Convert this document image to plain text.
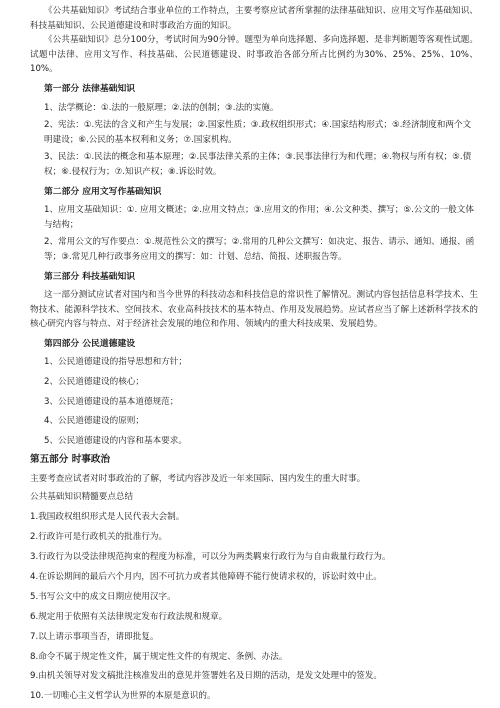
《公共基础知识》考试结合事业单位的工作特点，主要考察应试者所掌握的法律基础知识、应用文写作基础知识、科技基础知识、公民道德建设和时事政治方面的知识。

《公共基础知识》总分100分，考试时间为90分钟。题型为单向选择题、多向选择题、是非判断题等客观性试题。试题中法律、应用文写作、科技基础、公民道德建设、时事政治各部分所占比例约为30%、25%、25%、10%、10%。

第一部分 法律基础知识
1、法学概论：①.法的一般原理；②.法的创制；③.法的实施。
2、宪法：①.宪法的含义和产生与发展；②.国家性质；③.政权组织形式；④.国家结构形式；⑤.经济制度和两个文明建设；⑥.公民的基本权利和义务；⑦.国家机构。
3、民法：①.民法的概念和基本原理；②.民事法律关系的主体；③.民事法律行为和代理；④.物权与所有权；⑤.债权；⑥.侵权行为；⑦.知识产权；⑧.诉讼时效。
第二部分 应用文写作基础知识
1、应用文基础知识：①. 应用文概述；②.应用文特点；③.应用文的作用；④.公文种类、撰写；⑤.公文的一般文体与结构；
2、常用公文的写作要点：①.规范性公文的撰写；②.常用的几种公文撰写：如决定、报告、请示、通知、通报、函等；③.常见几种行政事务应用文的撰写：如：计划、总结、简报、述职报告等。
第三部分 科技基础知识

这一部分测试应试者对国内和当今世界的科技动态和科技信息的常识性了解情况。测试内容包括信息科学技术、生物技术、能源科学技术、空间技术、农业高科技技术的基本特点、作用及发展趋势。应试者应当了解上述新科学技术的核心研究内容与特点、对于经济社会发展的地位和作用、领域内的重大科技成果、发展趋势。

第四部分 公民道德建设
1、公民道德建设的指导思想和方针；
2、公民道德建设的核心；
3、公民道德建设的基本道德规范；
4、公民道德建设的原则；
5、公民道德建设的内容和基本要求。
第五部分 时事政治
主要考查应试者对时事政治的了解，考试内容涉及近一年来国际、国内发生的重大时事。
公共基础知识精髓要点总结
1.我国政权组织形式是人民代表大会制。
2.行政许可是行政机关的批准行为。
3.行政行为以受法律规范拘束的程度为标准，可以分为两类羁束行政行为与自由裁量行政行为。
4.在诉讼期间的最后六个月内，因不可抗力或者其他障碍不能行使请求权的，诉讼时效中止。
5.书写公文中的成文日期应使用汉字。
6.规定用于依照有关法律规定发布行政法规和规章。
7.以上请示事项当否，请即批复。
8.命令不属于规定性文件，属于规定性文件的有规定、条例、办法。
9.由机关领导对发文稿批注核准发出的意见并签署姓名及日期的活动，是发文处理中的签发。
10.一切唯心主义哲学认为世界的本原是意识的。
